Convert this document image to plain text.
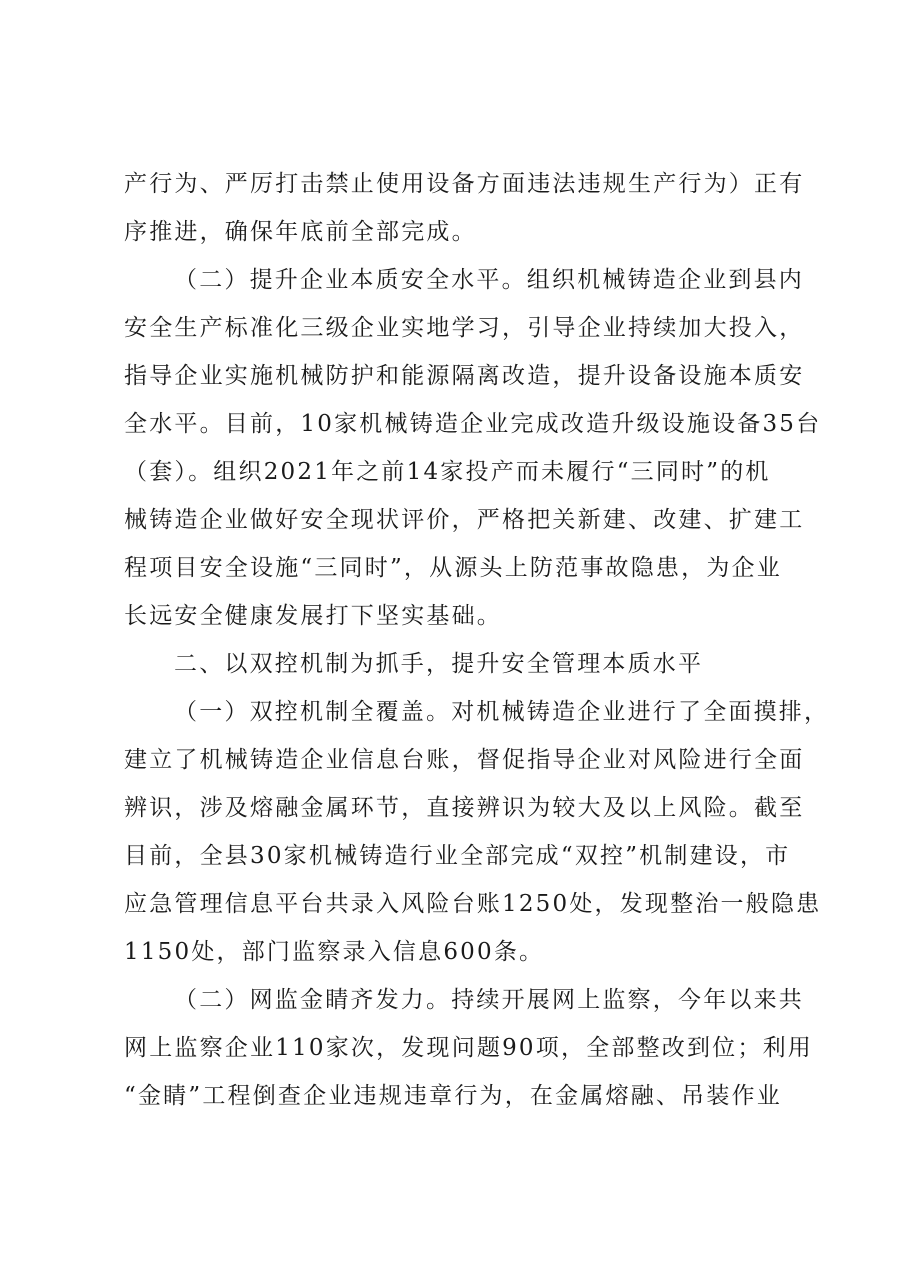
产行为、严厉打击禁止使用设备方面违法违规生产行为）正有
序推进，确保年底前全部完成。
（二）提升企业本质安全水平。组织机械铸造企业到县内
安全生产标准化三级企业实地学习，引导企业持续加大投入，
指导企业实施机械防护和能源隔离改造，提升设备设施本质安
全水平。目前，10家机械铸造企业完成改造升级设施设备35台
（套）。组织2021年之前14家投产而未履行“三同时”的机
械铸造企业做好安全现状评价，严格把关新建、改建、扩建工
程项目安全设施“三同时”，从源头上防范事故隐患，为企业
长远安全健康发展打下坚实基础。
二、以双控机制为抓手，提升安全管理本质水平
（一）双控机制全覆盖。对机械铸造企业进行了全面摸排，
建立了机械铸造企业信息台账，督促指导企业对风险进行全面
辨识，涉及熔融金属环节，直接辨识为较大及以上风险。截至
目前，全县30家机械铸造行业全部完成“双控”机制建设，市
应急管理信息平台共录入风险台账1250处，发现整治一般隐患
1150处，部门监察录入信息600条。
（二）网监金睛齐发力。持续开展网上监察，今年以来共
网上监察企业110家次，发现问题90项，全部整改到位；利用
“金睛”工程倒查企业违规违章行为，在金属熔融、吊装作业
